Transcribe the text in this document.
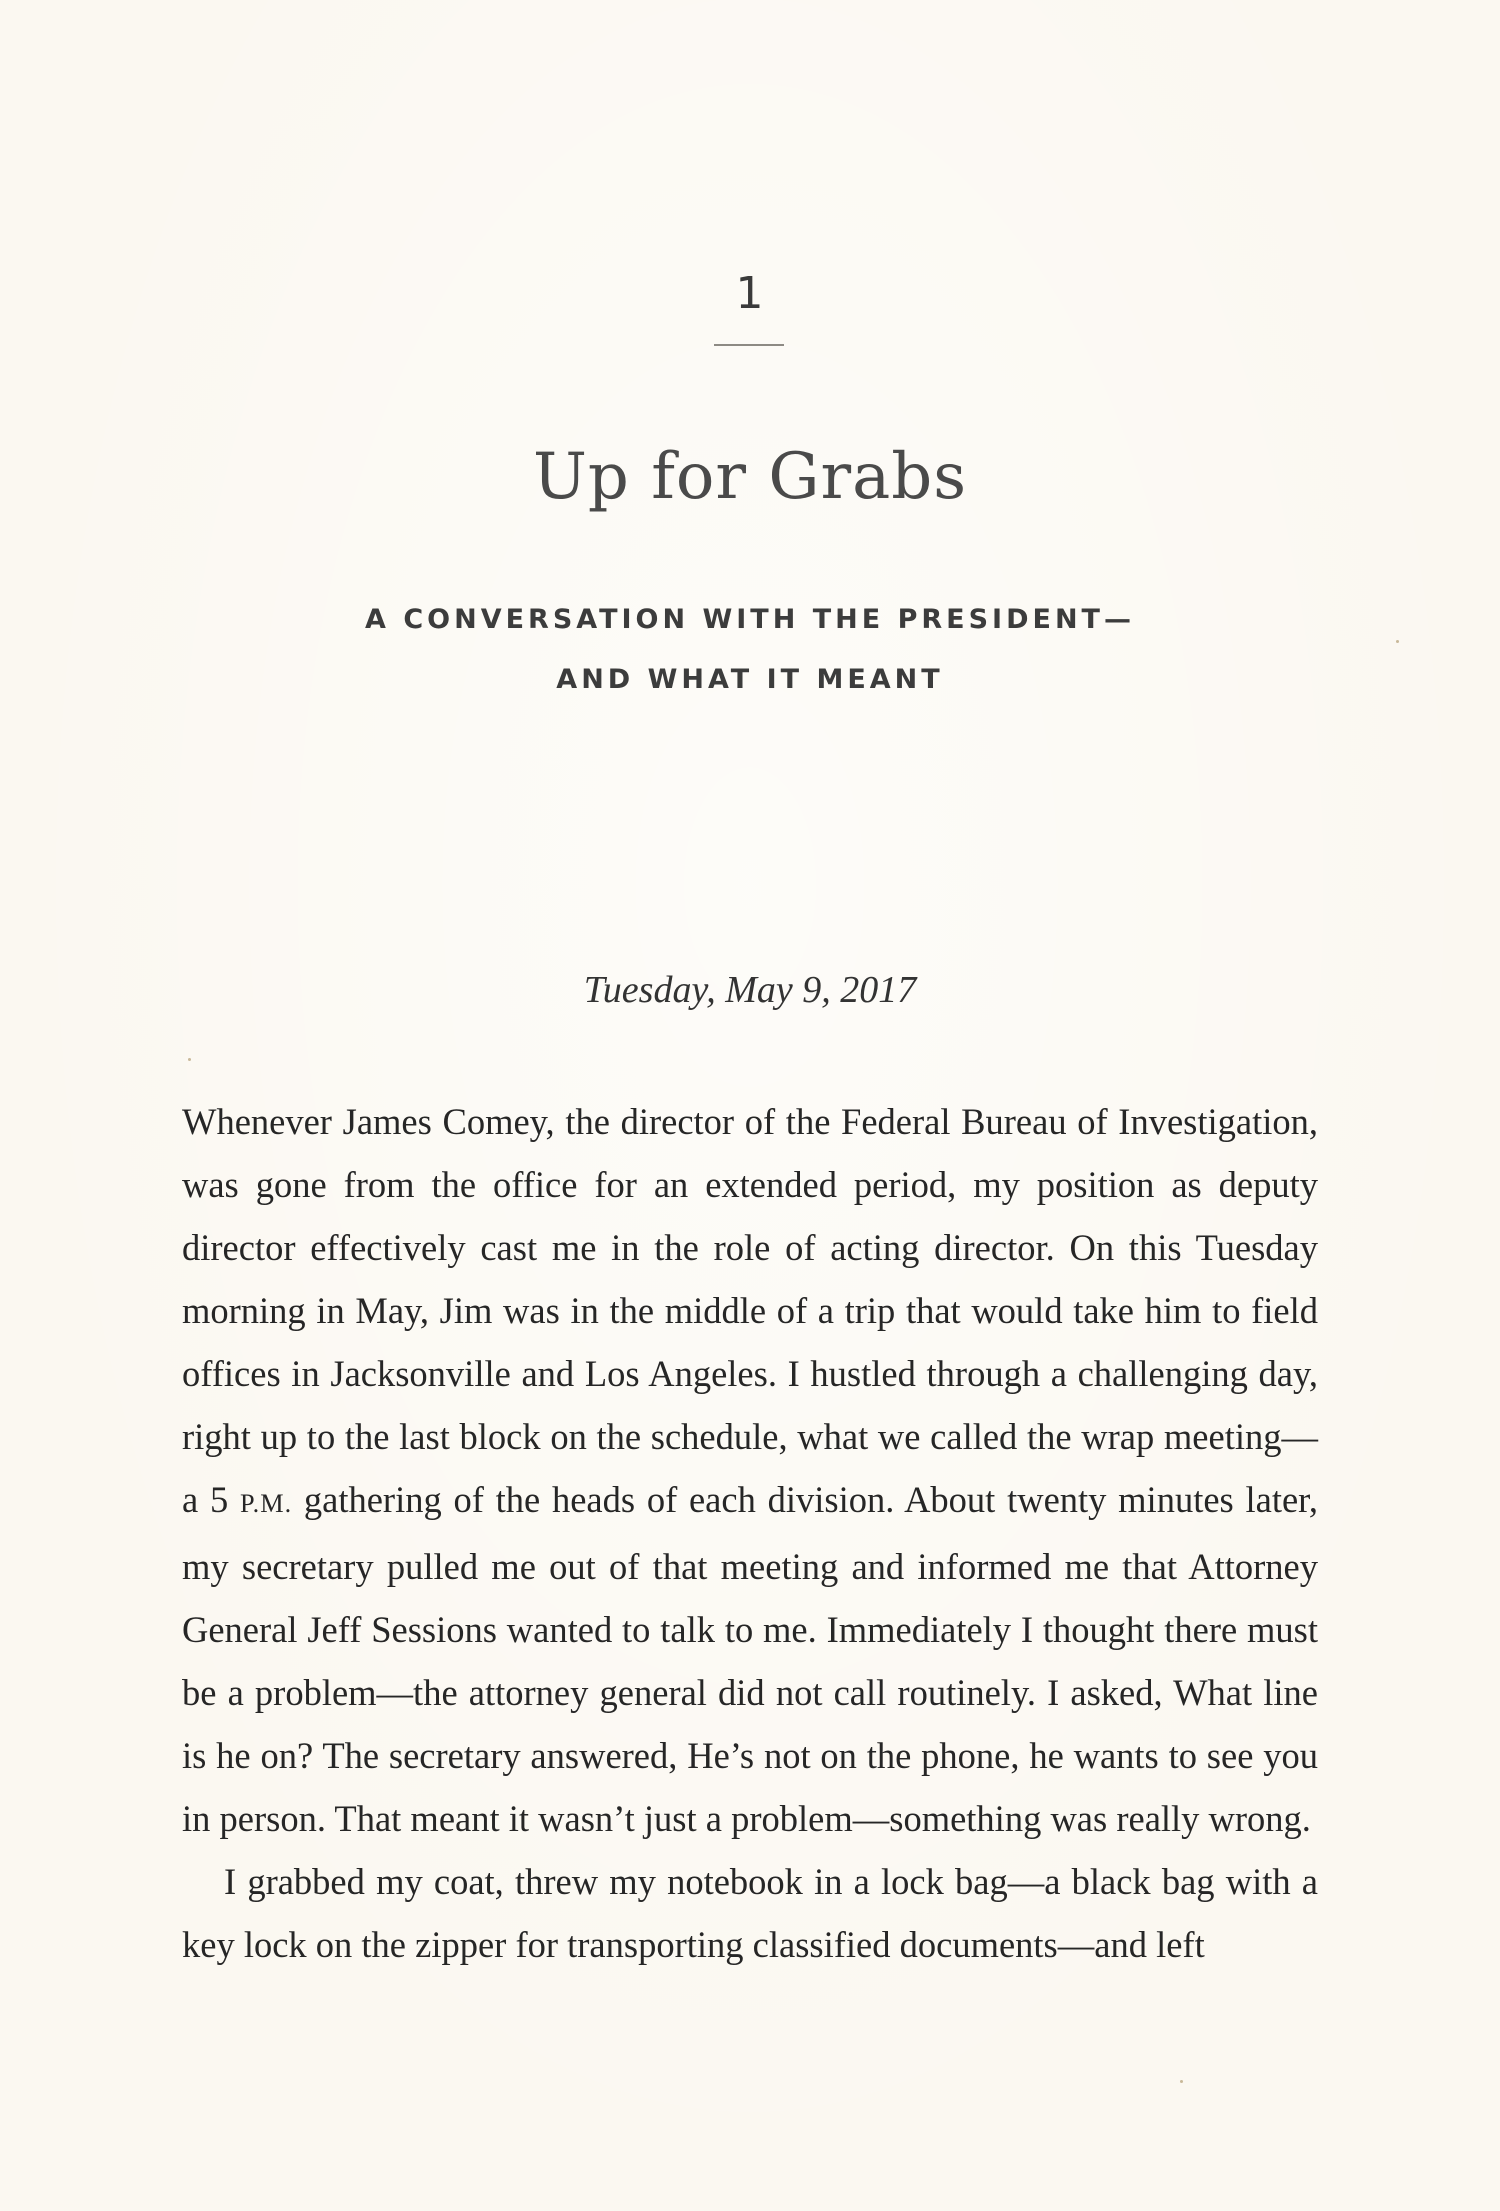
1
Up for Grabs
A CONVERSATION WITH THE PRESIDENT—
AND WHAT IT MEANT
Tuesday, May 9, 2017

Whenever James Comey, the director of the Federal Bureau of Investigation, was gone from the office for an extended period, my position as deputy director effectively cast me in the role of acting director. On this Tuesday morning in May, Jim was in the middle of a trip that would take him to field offices in Jacksonville and Los Angeles. I hustled through a challenging day, right up to the last block on the schedule, what we called the wrap meeting—a 5 P.M. gathering of the heads of each division. About twenty minutes later, my secretary pulled me out of that meeting and informed me that Attorney General Jeff Sessions wanted to talk to me. Immediately I thought there must be a problem—the attorney general did not call routinely. I asked, What line is he on? The secretary answered, He’s not on the phone, he wants to see you in person. That meant it wasn’t just a problem—something was really wrong.

I grabbed my coat, threw my notebook in a lock bag—a black bag with a key lock on the zipper for transporting classified documents—and left
